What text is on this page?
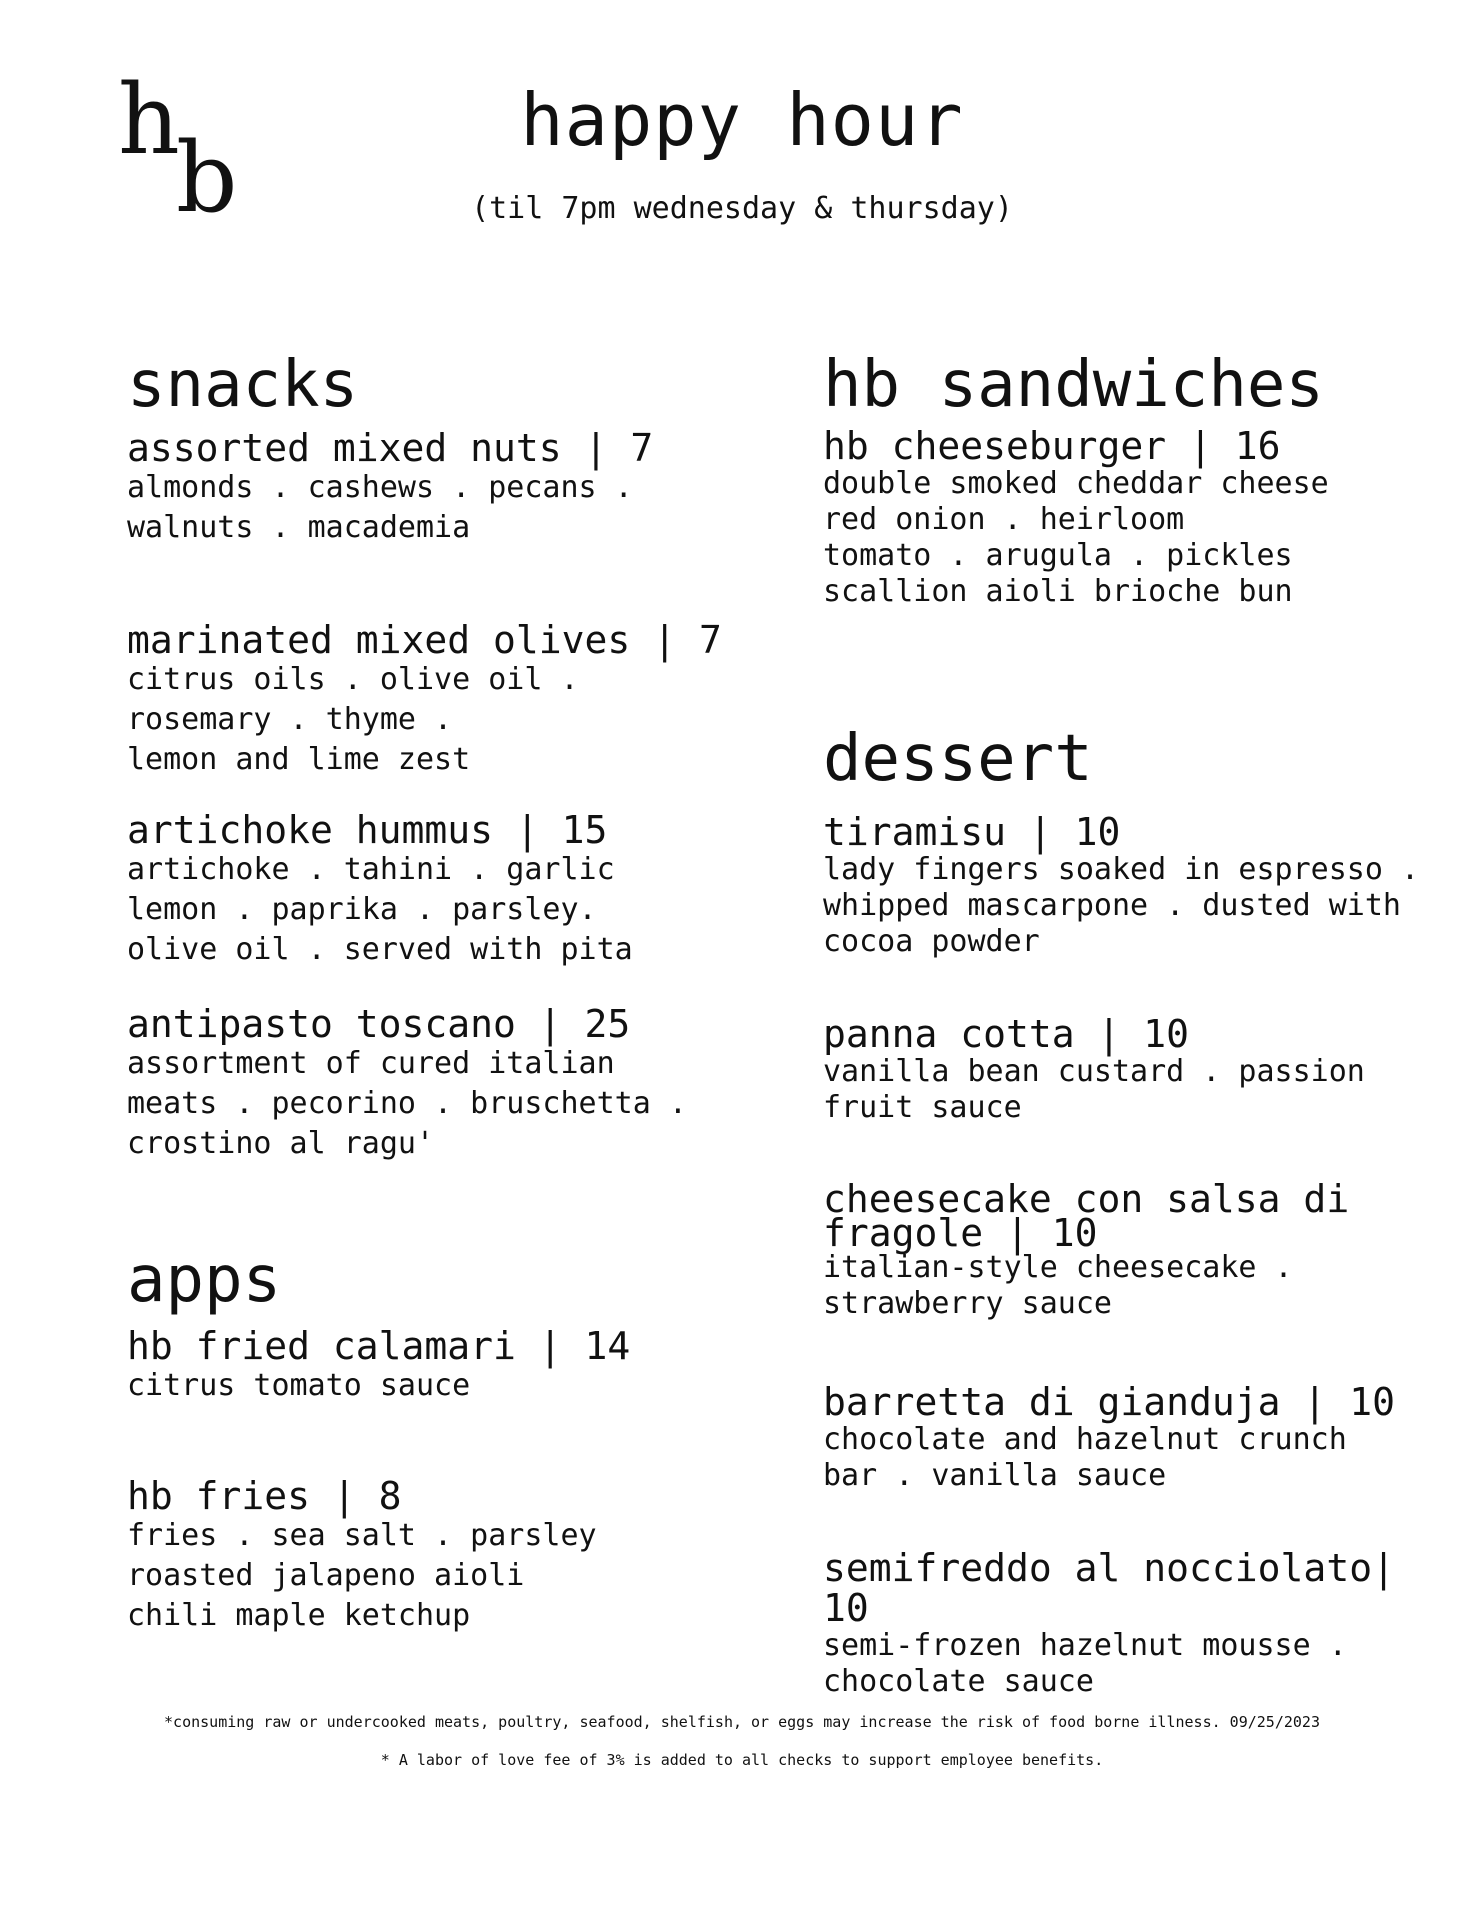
h
b
happy hour
(til 7pm wednesday & thursday)
snacks
assorted mixed nuts | 7
almonds . cashews . pecans .
walnuts . macademia
marinated mixed olives | 7
citrus oils . olive oil .
rosemary . thyme .
lemon and lime zest
artichoke hummus | 15
artichoke . tahini . garlic
lemon . paprika . parsley.
olive oil . served with pita
antipasto toscano | 25
assortment of cured italian
meats . pecorino . bruschetta .
crostino al ragu'
apps
hb fried calamari | 14
citrus tomato sauce
hb fries | 8
fries . sea salt . parsley
roasted jalapeno aioli
chili maple ketchup
hb sandwiches
hb cheeseburger | 16
double smoked cheddar cheese
red onion . heirloom
tomato . arugula . pickles
scallion aioli brioche bun
dessert
tiramisu | 10
lady fingers soaked in espresso .
whipped mascarpone . dusted with
cocoa powder
panna cotta | 10
vanilla bean custard . passion
fruit sauce
cheesecake con salsa di
fragole | 10
italian-style cheesecake .
strawberry sauce
barretta di gianduja | 10
chocolate and hazelnut crunch
bar . vanilla sauce
semifreddo al nocciolato| 10
semi-frozen hazelnut mousse .
chocolate sauce
*consuming raw or undercooked meats, poultry, seafood, shelfish, or eggs may increase the risk of food borne illness. 09/25/2023
* A labor of love fee of 3% is added to all checks to support employee benefits.
